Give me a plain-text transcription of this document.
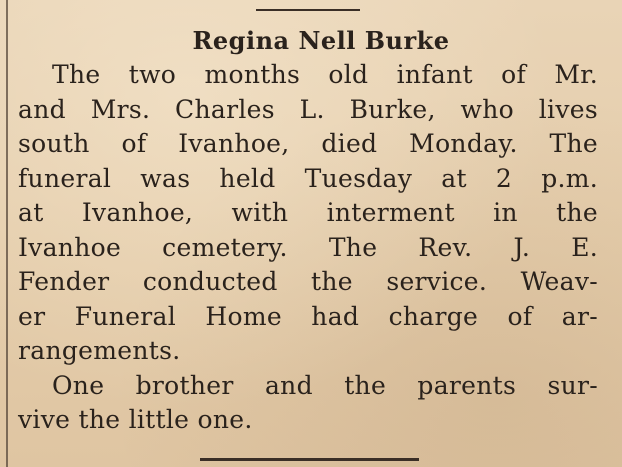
Regina Nell Burke
The two months old infant of Mr.
and Mrs. Charles L. Burke, who lives
south of Ivanhoe, died Monday. The
funeral was held Tuesday at 2 p.m.
at Ivanhoe, with interment in the
Ivanhoe cemetery. The Rev. J. E.
Fender conducted the service. Weav-
er Funeral Home had charge of ar-
rangements.
One brother and the parents sur-
vive the little one.
